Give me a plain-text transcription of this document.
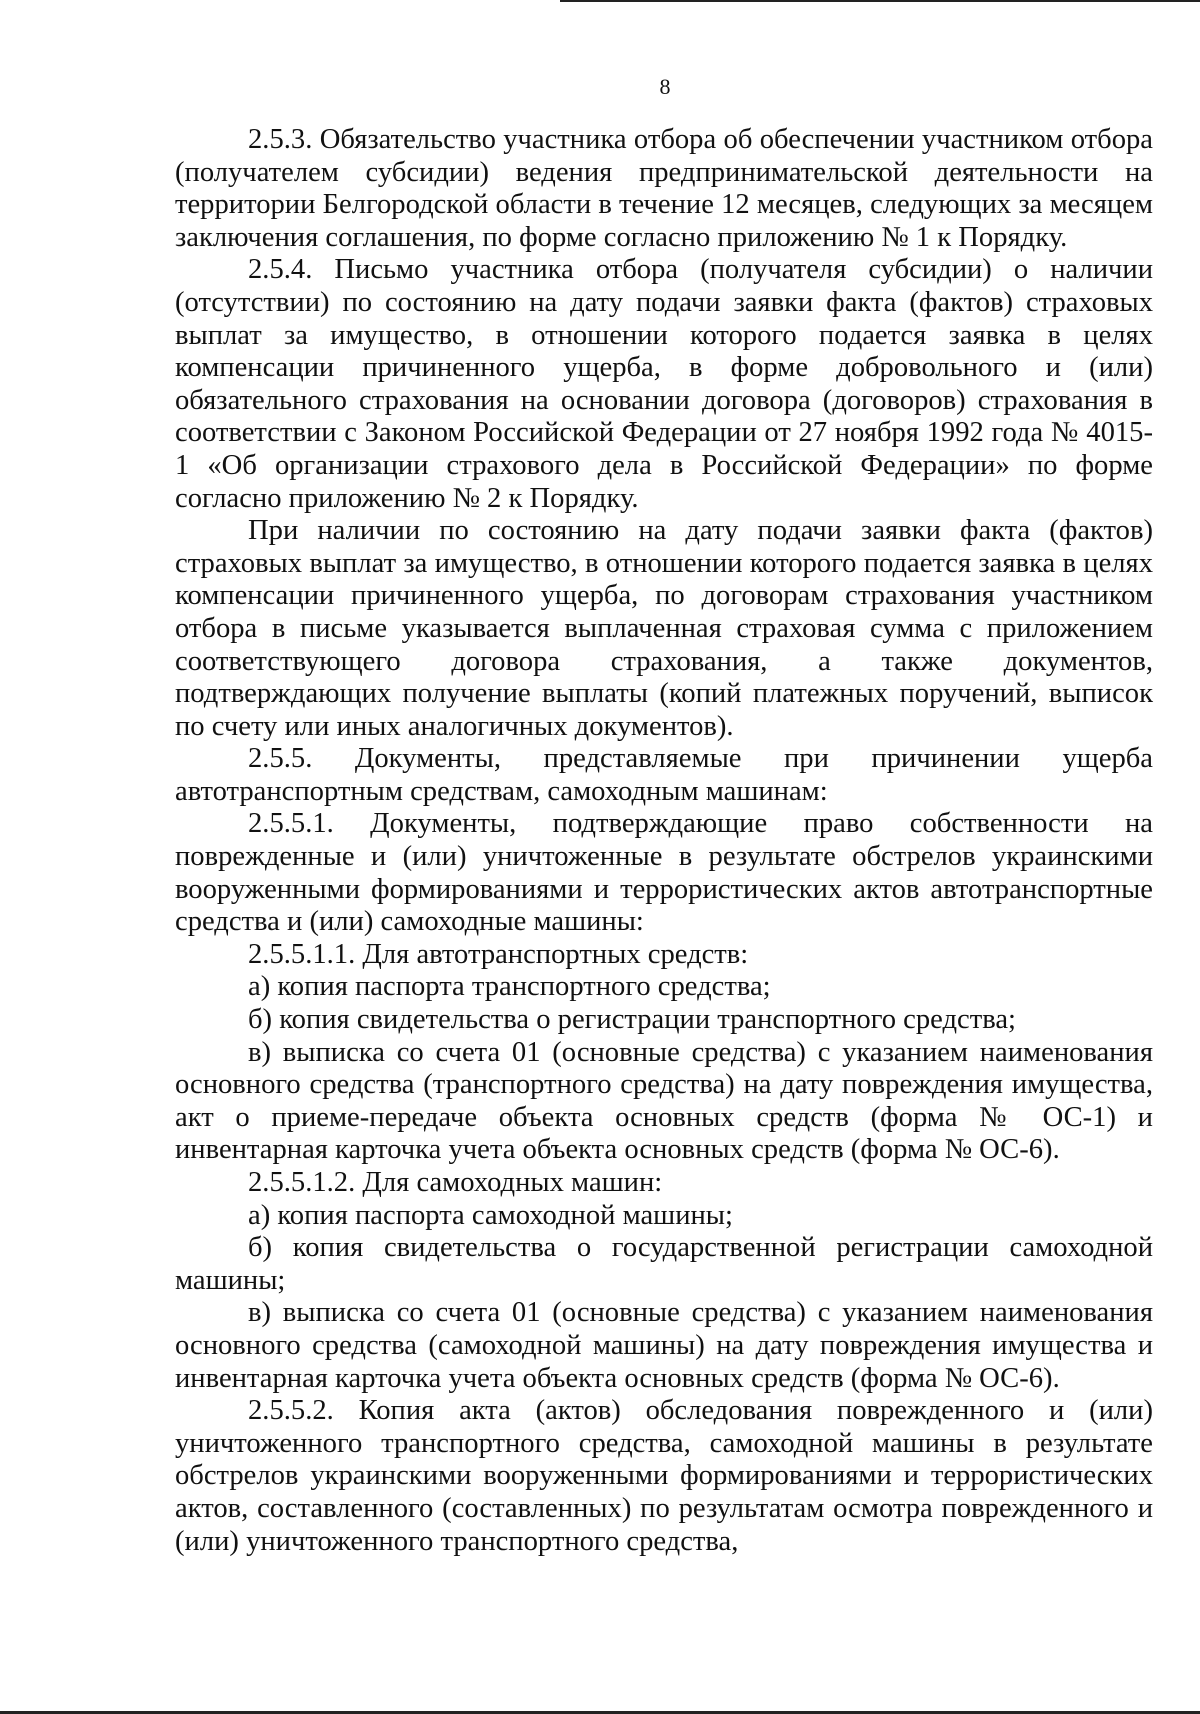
8

2.5.3. Обязательство участника отбора об обеспечении участником отбора (получателем субсидии) ведения предпринимательской деятельности на территории Белгородской области в течение 12 месяцев, следующих за месяцем заключения соглашения, по форме согласно приложению № 1 к Порядку.

2.5.4. Письмо участника отбора (получателя субсидии) о наличии (отсутствии) по состоянию на дату подачи заявки факта (фактов) страховых выплат за имущество, в отношении которого подается заявка в целях компенсации причиненного ущерба, в форме добровольного и (или) обязательного страхования на основании договора (договоров) страхования в соответствии с Законом Российской Федерации от 27 ноября 1992 года № 4015-1 «Об организации страхового дела в Российской Федерации» по форме согласно приложению № 2 к Порядку.

При наличии по состоянию на дату подачи заявки факта (фактов) страховых выплат за имущество, в отношении которого подается заявка в целях компенсации причиненного ущерба, по договорам страхования участником отбора в письме указывается выплаченная страховая сумма с приложением соответствующего договора страхования, а также документов, подтверждающих получение выплаты (копий платежных поручений, выписок по счету или иных аналогичных документов).

2.5.5. Документы, представляемые при причинении ущерба автотранспортным средствам, самоходным машинам:

2.5.5.1. Документы, подтверждающие право собственности на поврежденные и (или) уничтоженные в результате обстрелов украинскими вооруженными формированиями и террористических актов автотранспортные средства и (или) самоходные машины:

2.5.5.1.1. Для автотранспортных средств:

а) копия паспорта транспортного средства;

б) копия свидетельства о регистрации транспортного средства;

в) выписка со счета 01 (основные средства) с указанием наименования основного средства (транспортного средства) на дату повреждения имущества, акт о приеме-передаче объекта основных средств (форма № ОС-1) и инвентарная карточка учета объекта основных средств (форма № ОС-6).

2.5.5.1.2. Для самоходных машин:

а) копия паспорта самоходной машины;

б) копия свидетельства о государственной регистрации самоходной машины;

в) выписка со счета 01 (основные средства) с указанием наименования основного средства (самоходной машины) на дату повреждения имущества и инвентарная карточка учета объекта основных средств (форма № ОС-6).

2.5.5.2. Копия акта (актов) обследования поврежденного и (или) уничтоженного транспортного средства, самоходной машины в результате обстрелов украинскими вооруженными формированиями и террористических актов, составленного (составленных) по результатам осмотра поврежденного и (или) уничтоженного транспортного средства,
